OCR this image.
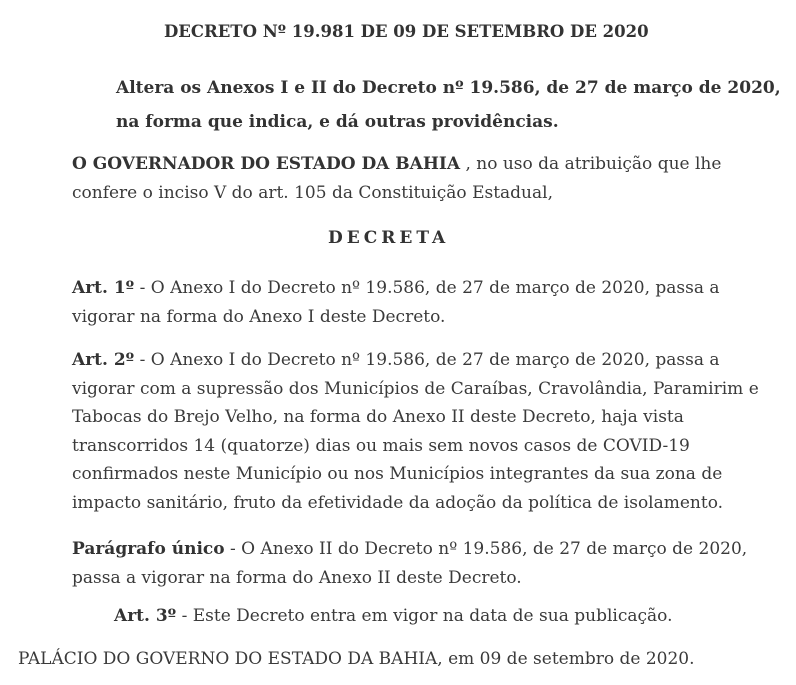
DECRETO Nº 19.981 DE 09 DE SETEMBRO DE 2020
Altera os Anexos I e II do Decreto nº 19.586, de 27 de março de 2020,
na forma que indica, e dá outras providências.
O GOVERNADOR DO ESTADO DA BAHIA , no uso da atribuição que lhe
confere o inciso V do art. 105 da Constituição Estadual,
DECRETA
Art. 1º - O Anexo I do Decreto nº 19.586, de 27 de março de 2020, passa a
vigorar na forma do Anexo I deste Decreto.
Art. 2º - O Anexo I do Decreto nº 19.586, de 27 de março de 2020, passa a
vigorar com a supressão dos Municípios de Caraíbas, Cravolândia, Paramirim e
Tabocas do Brejo Velho, na forma do Anexo II deste Decreto, haja vista
transcorridos 14 (quatorze) dias ou mais sem novos casos de COVID-19
confirmados neste Município ou nos Municípios integrantes da sua zona de
impacto sanitário, fruto da efetividade da adoção da política de isolamento.
Parágrafo único - O Anexo II do Decreto nº 19.586, de 27 de março de 2020,
passa a vigorar na forma do Anexo II deste Decreto.
Art. 3º - Este Decreto entra em vigor na data de sua publicação.
PALÁCIO DO GOVERNO DO ESTADO DA BAHIA, em 09 de setembro de 2020.
